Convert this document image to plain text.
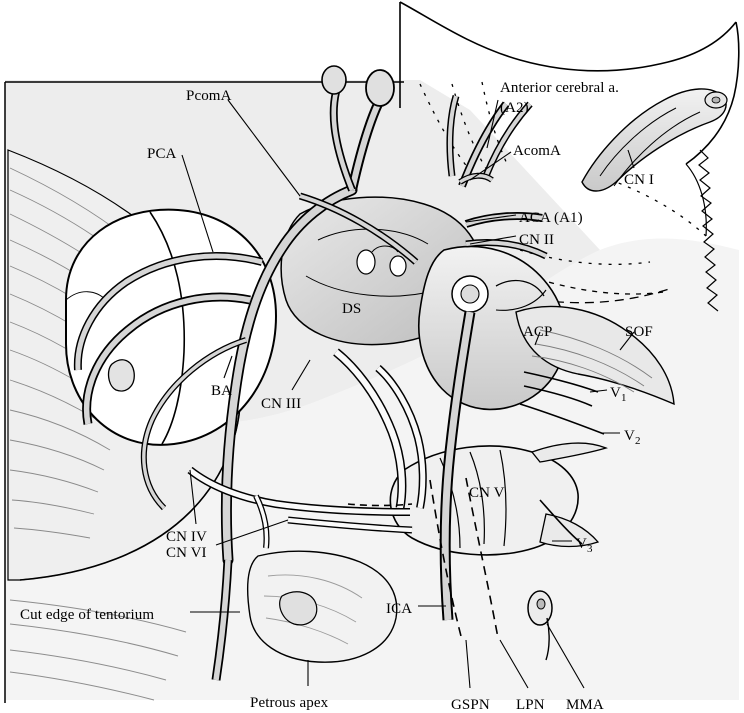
PcomA
PCA
Anterior cerebral a.
(A2)
AcomA
CN I
ACA (A1)
CN II
DS
ACP	SOF
BA
CN III
$V_1$
$V_2$
CN V
CN IV
CN VI
$V_3$
ICA
Cut edge of tentorium
Petrous apex	GSPN LPN MMA
